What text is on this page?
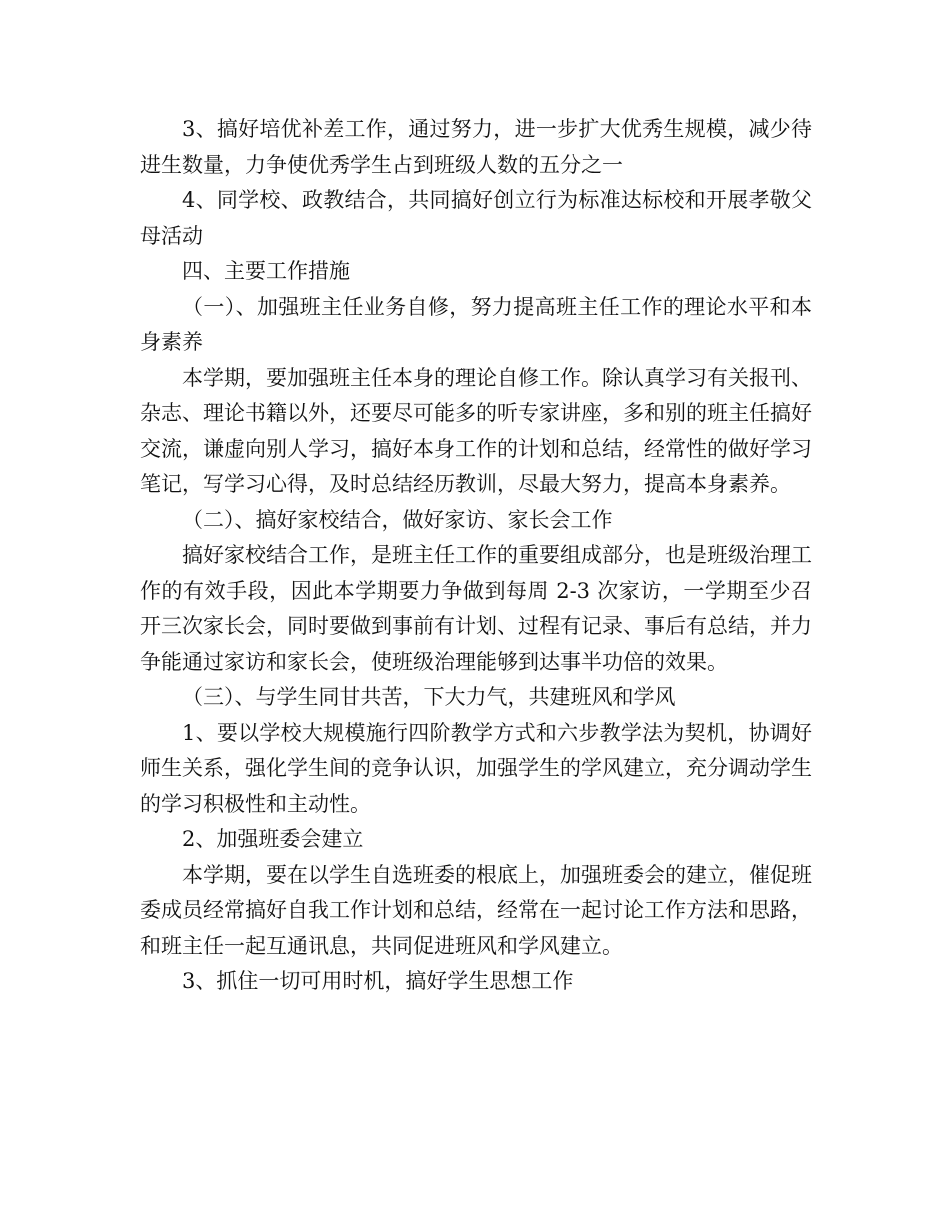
3、搞好培优补差工作，通过努力，进一步扩大优秀生规模，减少待进生数量，力争使优秀学生占到班级人数的五分之一

4、同学校、政教结合，共同搞好创立行为标准达标校和开展孝敬父母活动

四、主要工作措施

（一）、加强班主任业务自修，努力提高班主任工作的理论水平和本身素养

本学期，要加强班主任本身的理论自修工作。除认真学习有关报刊、杂志、理论书籍以外，还要尽可能多的听专家讲座，多和别的班主任搞好交流，谦虚向别人学习，搞好本身工作的计划和总结，经常性的做好学习笔记，写学习心得，及时总结经历教训，尽最大努力，提高本身素养。

（二）、搞好家校结合，做好家访、家长会工作

搞好家校结合工作，是班主任工作的重要组成部分，也是班级治理工作的有效手段，因此本学期要力争做到每周 2-3 次家访，一学期至少召开三次家长会，同时要做到事前有计划、过程有记录、事后有总结，并力争能通过家访和家长会，使班级治理能够到达事半功倍的效果。

（三）、与学生同甘共苦，下大力气，共建班风和学风

1、要以学校大规模施行四阶教学方式和六步教学法为契机，协调好师生关系，强化学生间的竞争认识，加强学生的学风建立，充分调动学生的学习积极性和主动性。

2、加强班委会建立

本学期，要在以学生自选班委的根底上，加强班委会的建立，催促班委成员经常搞好自我工作计划和总结，经常在一起讨论工作方法和思路，和班主任一起互通讯息，共同促进班风和学风建立。

3、抓住一切可用时机，搞好学生思想工作
